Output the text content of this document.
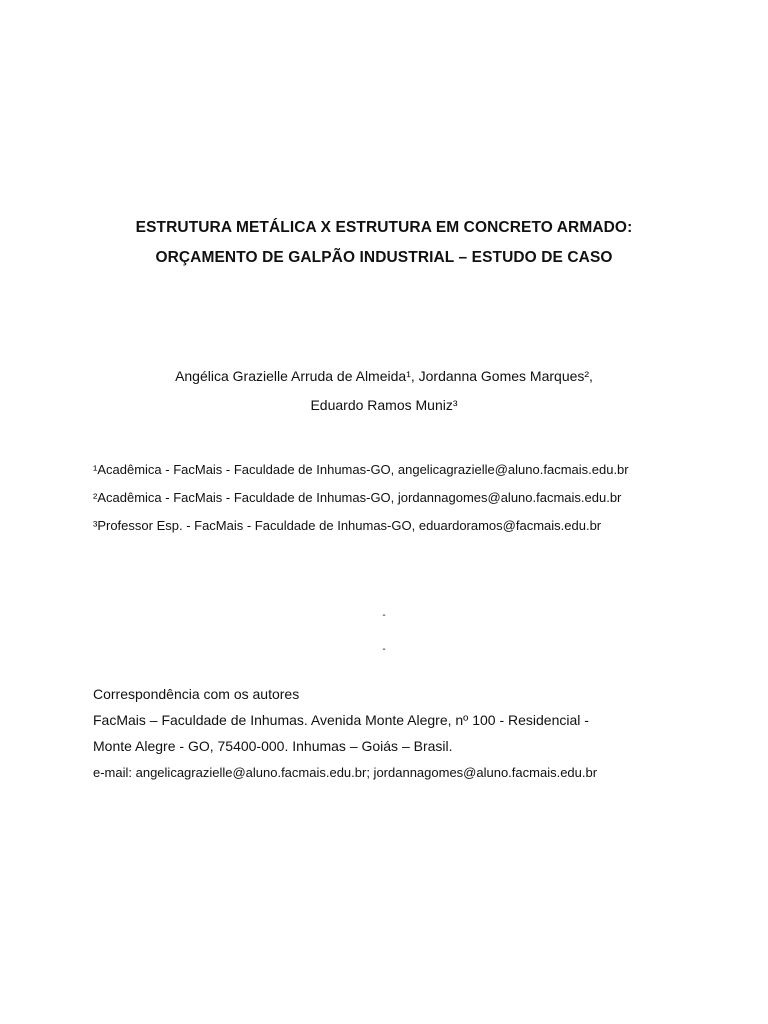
ESTRUTURA METÁLICA X ESTRUTURA EM CONCRETO ARMADO:
ORÇAMENTO DE GALPÃO INDUSTRIAL – ESTUDO DE CASO
Angélica Grazielle Arruda de Almeida¹, Jordanna Gomes Marques²,
Eduardo Ramos Muniz³
¹Acadêmica - FacMais - Faculdade de Inhumas-GO, angelicagrazielle@aluno.facmais.edu.br
²Acadêmica - FacMais - Faculdade de Inhumas-GO, jordannagomes@aluno.facmais.edu.br
³Professor Esp. - FacMais - Faculdade de Inhumas-GO, eduardoramos@facmais.edu.br
-
-
Correspondência com os autores
FacMais – Faculdade de Inhumas. Avenida Monte Alegre, nº 100 - Residencial -
Monte Alegre - GO, 75400-000. Inhumas – Goiás – Brasil.
e-mail: angelicagrazielle@aluno.facmais.edu.br; jordannagomes@aluno.facmais.edu.br
